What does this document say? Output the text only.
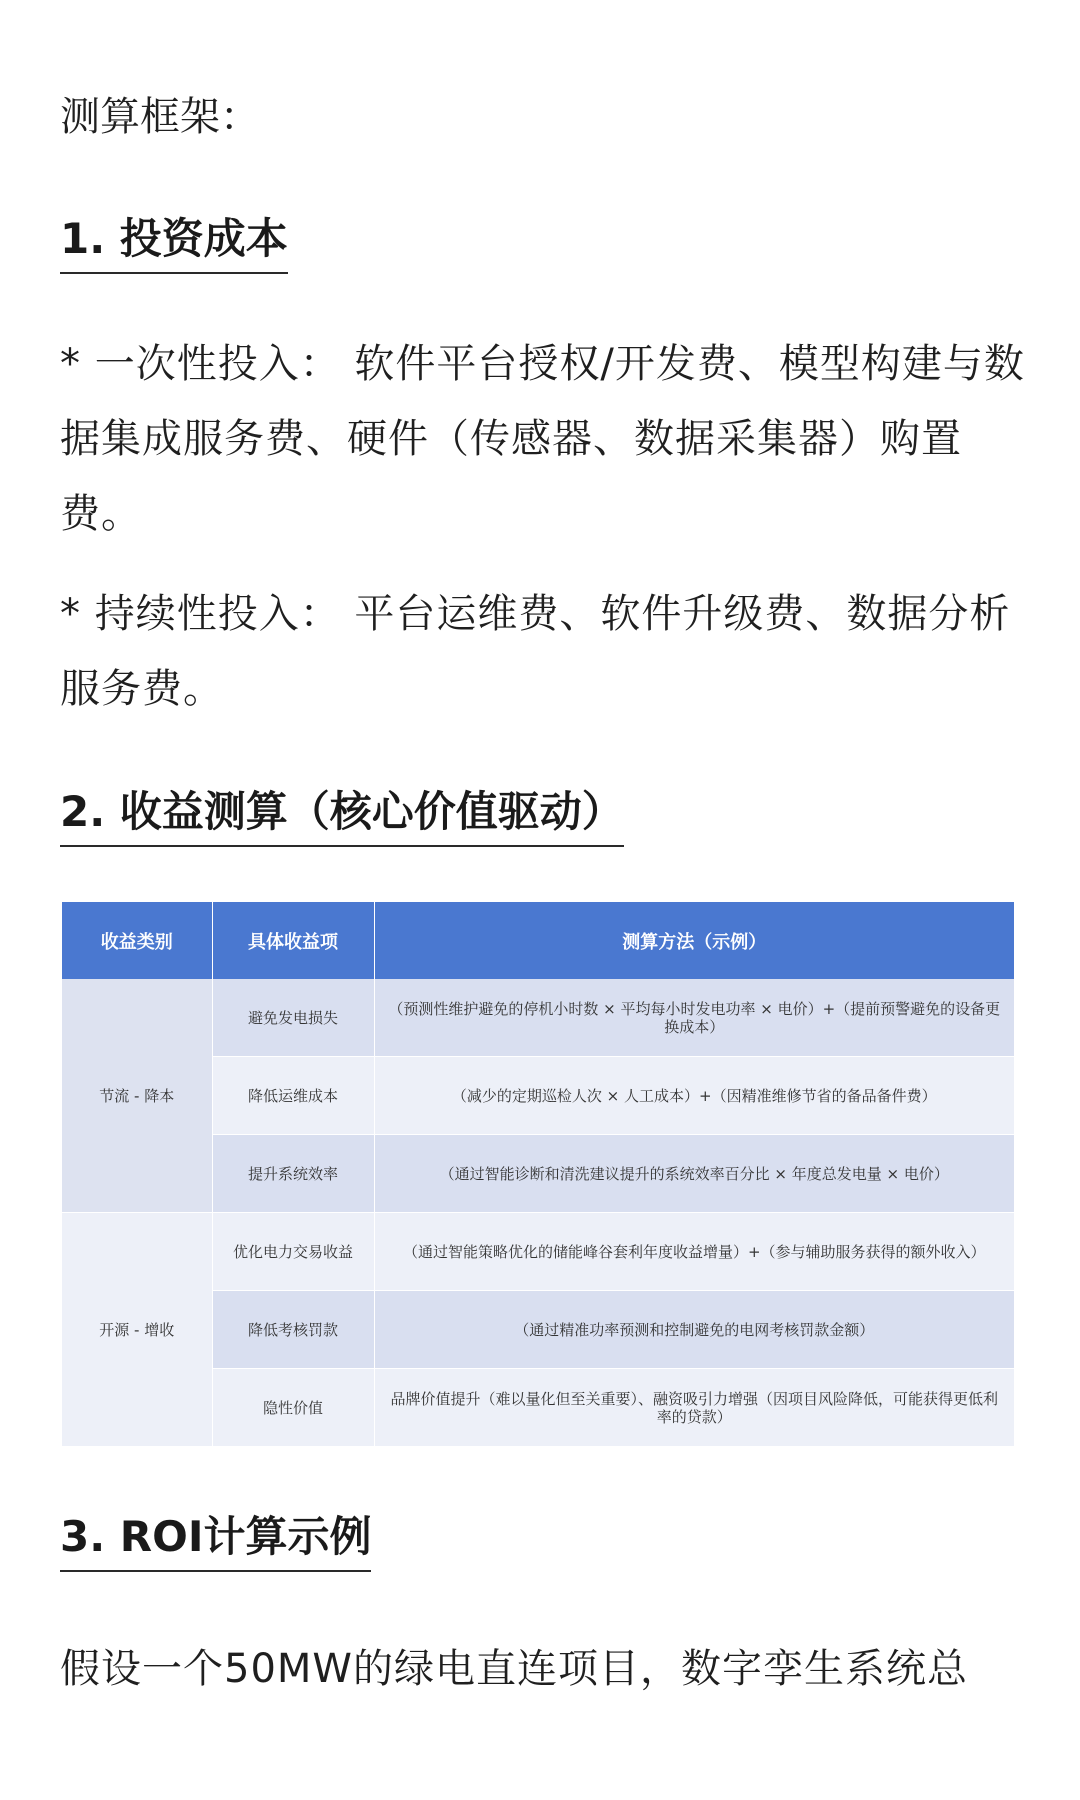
测算框架：

1. 投资成本

* 一次性投入： 软件平台授权/开发费、模型构建与数据集成服务费、硬件（传感器、数据采集器）购置费。

* 持续性投入： 平台运维费、软件升级费、数据分析服务费。

2. 收益测算（核心价值驱动）
收益类别	具体收益项	测算方法（示例）
节流 - 降本	避免发电损失	（预测性维护避免的停机小时数 × 平均每小时发电功率 × 电价）+（提前预警避免的设备更换成本）
	降低运维成本	（减少的定期巡检人次 × 人工成本）+（因精准维修节省的备品备件费）
	提升系统效率	（通过智能诊断和清洗建议提升的系统效率百分比 × 年度总发电量 × 电价）
开源 - 增收	优化电力交易收益	（通过智能策略优化的储能峰谷套利年度收益增量）+（参与辅助服务获得的额外收入）
	降低考核罚款	（通过精准功率预测和控制避免的电网考核罚款金额）
	隐性价值	品牌价值提升（难以量化但至关重要）、融资吸引力增强（因项目风险降低，可能获得更低利率的贷款）
3. ROI计算示例

假设一个50MW的绿电直连项目，数字孪生系统总
